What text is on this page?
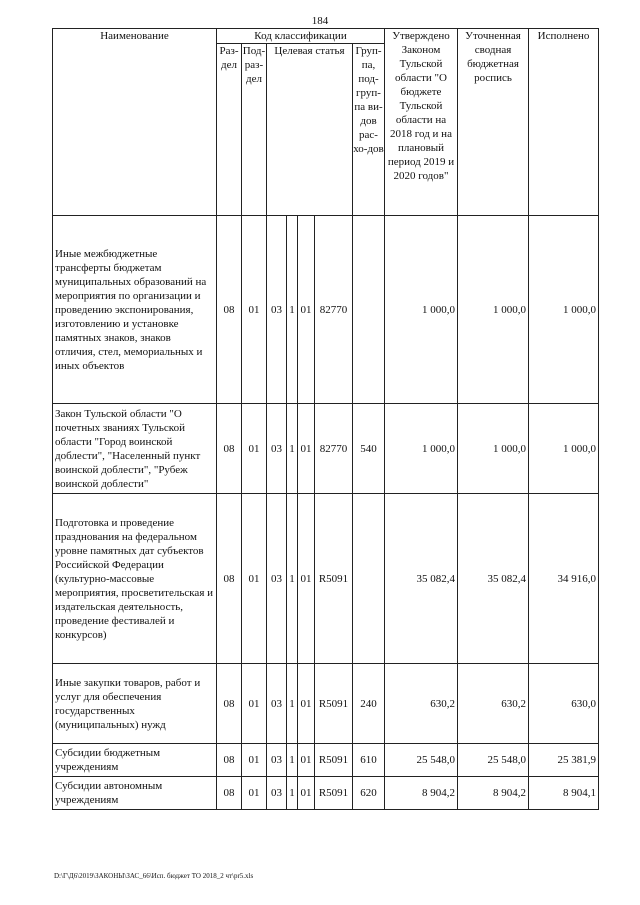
184
Наименование	Код классификации							Утверждено Законом Тульской области "О бюджете Тульской области на 2018 год и на плановый период 2019 и 2020 годов"	Уточненная сводная бюджетная роспись	Исполнено
	Раз-дел	Под-раз-дел	Целевая статья				Груп-па, под-груп-па ви-дов рас-хо-дов			
Иные межбюджетные трансферты бюджетам муниципальных образований на мероприятия по организации и проведению экспонирования, изготовлению и установке памятных знаков, знаков отличия, стел, мемориальных и иных объектов	08	01	03	1	01	82770		1 000,0	1 000,0	1 000,0
Закон Тульской области "О почетных званиях Тульской области "Город воинской доблести", "Населенный пункт воинской доблести", "Рубеж воинской доблести"	08	01	03	1	01	82770	540	1 000,0	1 000,0	1 000,0
Подготовка и проведение празднования на федеральном уровне памятных дат субъектов Российской Федерации (культурно-массовые мероприятия, просветительская и издательская деятельность, проведение фестивалей и конкурсов)	08	01	03	1	01	R5091		35 082,4	35 082,4	34 916,0
Иные закупки товаров, работ и услуг для обеспечения государственных (муниципальных) нужд	08	01	03	1	01	R5091	240	630,2	630,2	630,0
Субсидии бюджетным учреждениям	08	01	03	1	01	R5091	610	25 548,0	25 548,0	25 381,9
Субсидии автономным учреждениям	08	01	03	1	01	R5091	620	8 904,2	8 904,2	8 904,1
D:\Г\Д6\2019\ЗАКОНЫ\ЗАС_66\Исп. бюджет ТО 2018_2 чт\pr5.xls
